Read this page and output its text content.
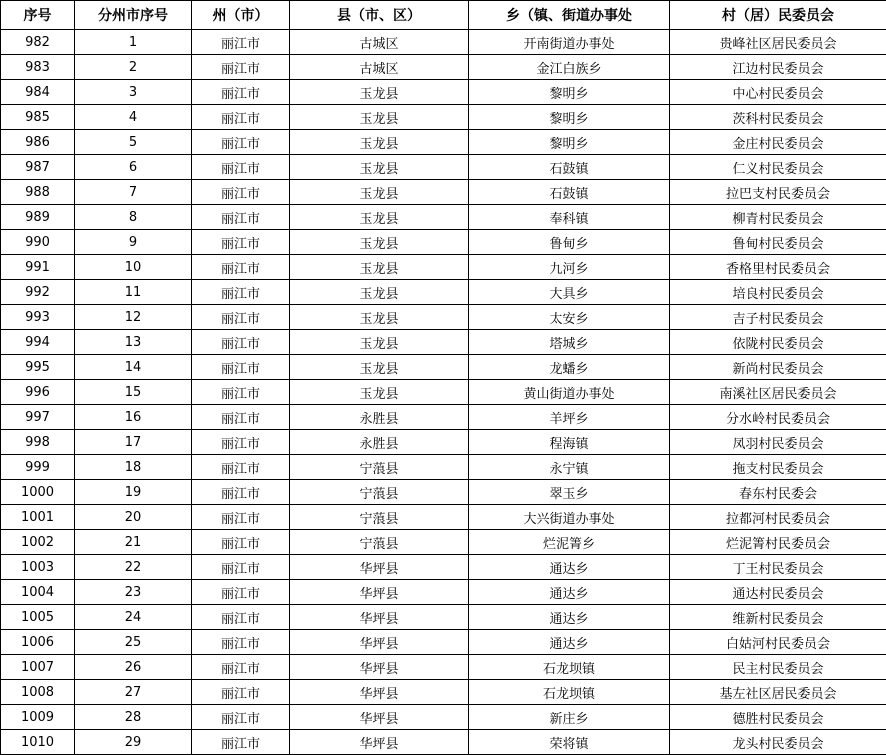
序号	分州市序号	州（市）	县（市、区）	乡（镇、街道办事处	村（居）民委员会
982	1	丽江市	古城区	开南街道办事处	贵峰社区居民委员会
983	2	丽江市	古城区	金江白族乡	江边村民委员会
984	3	丽江市	玉龙县	黎明乡	中心村民委员会
985	4	丽江市	玉龙县	黎明乡	茨科村民委员会
986	5	丽江市	玉龙县	黎明乡	金庄村民委员会
987	6	丽江市	玉龙县	石鼓镇	仁义村民委员会
988	7	丽江市	玉龙县	石鼓镇	拉巴支村民委员会
989	8	丽江市	玉龙县	奉科镇	柳青村民委员会
990	9	丽江市	玉龙县	鲁甸乡	鲁甸村民委员会
991	10	丽江市	玉龙县	九河乡	香格里村民委员会
992	11	丽江市	玉龙县	大具乡	培良村民委员会
993	12	丽江市	玉龙县	太安乡	吉子村民委员会
994	13	丽江市	玉龙县	塔城乡	依陇村民委员会
995	14	丽江市	玉龙县	龙蟠乡	新尚村民委员会
996	15	丽江市	玉龙县	黄山街道办事处	南溪社区居民委员会
997	16	丽江市	永胜县	羊坪乡	分水岭村民委员会
998	17	丽江市	永胜县	程海镇	凤羽村民委员会
999	18	丽江市	宁蒗县	永宁镇	拖支村民委员会
1000	19	丽江市	宁蒗县	翠玉乡	春东村民委会
1001	20	丽江市	宁蒗县	大兴街道办事处	拉都河村民委员会
1002	21	丽江市	宁蒗县	烂泥箐乡	烂泥箐村民委员会
1003	22	丽江市	华坪县	通达乡	丁王村民委员会
1004	23	丽江市	华坪县	通达乡	通达村民委员会
1005	24	丽江市	华坪县	通达乡	维新村民委员会
1006	25	丽江市	华坪县	通达乡	白姑河村民委员会
1007	26	丽江市	华坪县	石龙坝镇	民主村民委员会
1008	27	丽江市	华坪县	石龙坝镇	基左社区居民委员会
1009	28	丽江市	华坪县	新庄乡	德胜村民委员会
1010	29	丽江市	华坪县	荣将镇	龙头村民委员会
